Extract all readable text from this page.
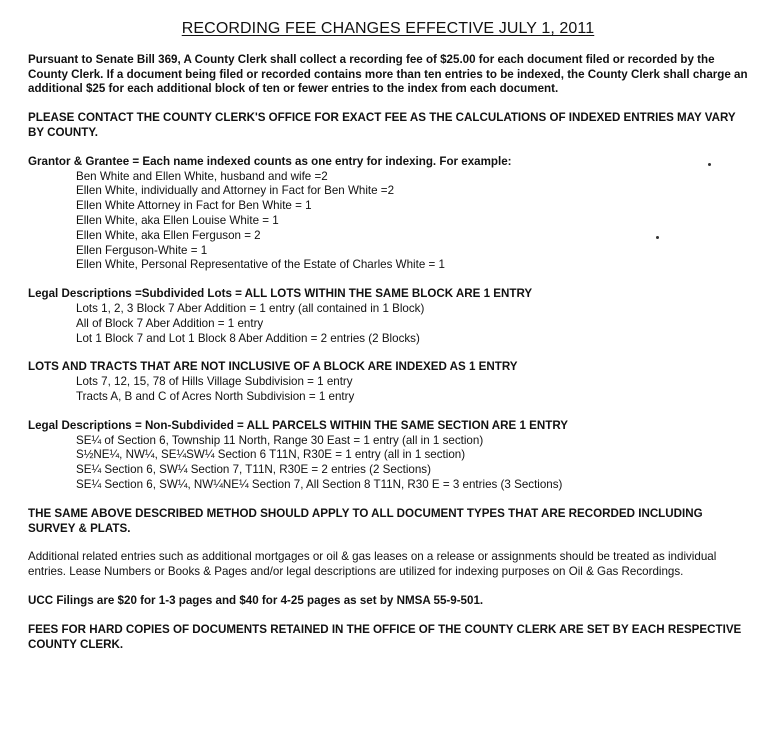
RECORDING FEE CHANGES EFFECTIVE JULY 1, 2011

Pursuant to Senate Bill 369, A County Clerk shall collect a recording fee of $25.00 for each document filed or recorded by the County Clerk. If a document being filed or recorded contains more than ten entries to be indexed, the County Clerk shall charge an additional $25 for each additional block of ten or fewer entries to the index from each document.

PLEASE CONTACT THE COUNTY CLERK'S OFFICE FOR EXACT FEE AS THE CALCULATIONS OF INDEXED ENTRIES MAY VARY BY COUNTY.

Grantor & Grantee = Each name indexed counts as one entry for indexing. For example:

Ben White and Ellen White, husband and wife =2
Ellen White, individually and Attorney in Fact for Ben White =2
Ellen White Attorney in Fact for Ben White = 1
Ellen White, aka Ellen Louise White = 1
Ellen White, aka Ellen Ferguson = 2
Ellen Ferguson-White = 1
Ellen White, Personal Representative of the Estate of Charles White = 1

Legal Descriptions =Subdivided Lots = ALL LOTS WITHIN THE SAME BLOCK ARE 1 ENTRY

Lots 1, 2, 3 Block 7 Aber Addition = 1 entry (all contained in 1 Block)
All of Block 7 Aber Addition = 1 entry
Lot 1 Block 7 and Lot 1 Block 8 Aber Addition = 2 entries (2 Blocks)

LOTS AND TRACTS THAT ARE NOT INCLUSIVE OF A BLOCK ARE INDEXED AS 1 ENTRY

Lots 7, 12, 15, 78 of Hills Village Subdivision = 1 entry
Tracts A, B and C of Acres North Subdivision = 1 entry

Legal Descriptions = Non-Subdivided = ALL PARCELS WITHIN THE SAME SECTION ARE 1 ENTRY

SE¼ of Section 6, Township 11 North, Range 30 East = 1 entry (all in 1 section)
S½NE¼, NW¼, SE¼SW¼ Section 6 T11N, R30E = 1 entry (all in 1 section)
SE¼ Section 6, SW¼ Section 7, T11N, R30E = 2 entries (2 Sections)
SE¼ Section 6, SW¼, NW¼NE¼ Section 7, All Section 8 T11N, R30 E = 3 entries (3 Sections)

THE SAME ABOVE DESCRIBED METHOD SHOULD APPLY TO ALL DOCUMENT TYPES THAT ARE RECORDED INCLUDING SURVEY & PLATS.

Additional related entries such as additional mortgages or oil & gas leases on a release or assignments should be treated as individual entries. Lease Numbers or Books & Pages and/or legal descriptions are utilized for indexing purposes on Oil & Gas Recordings.

UCC Filings are $20 for 1-3 pages and $40 for 4-25 pages as set by NMSA 55-9-501.

FEES FOR HARD COPIES OF DOCUMENTS RETAINED IN THE OFFICE OF THE COUNTY CLERK ARE SET BY EACH RESPECTIVE COUNTY CLERK.
